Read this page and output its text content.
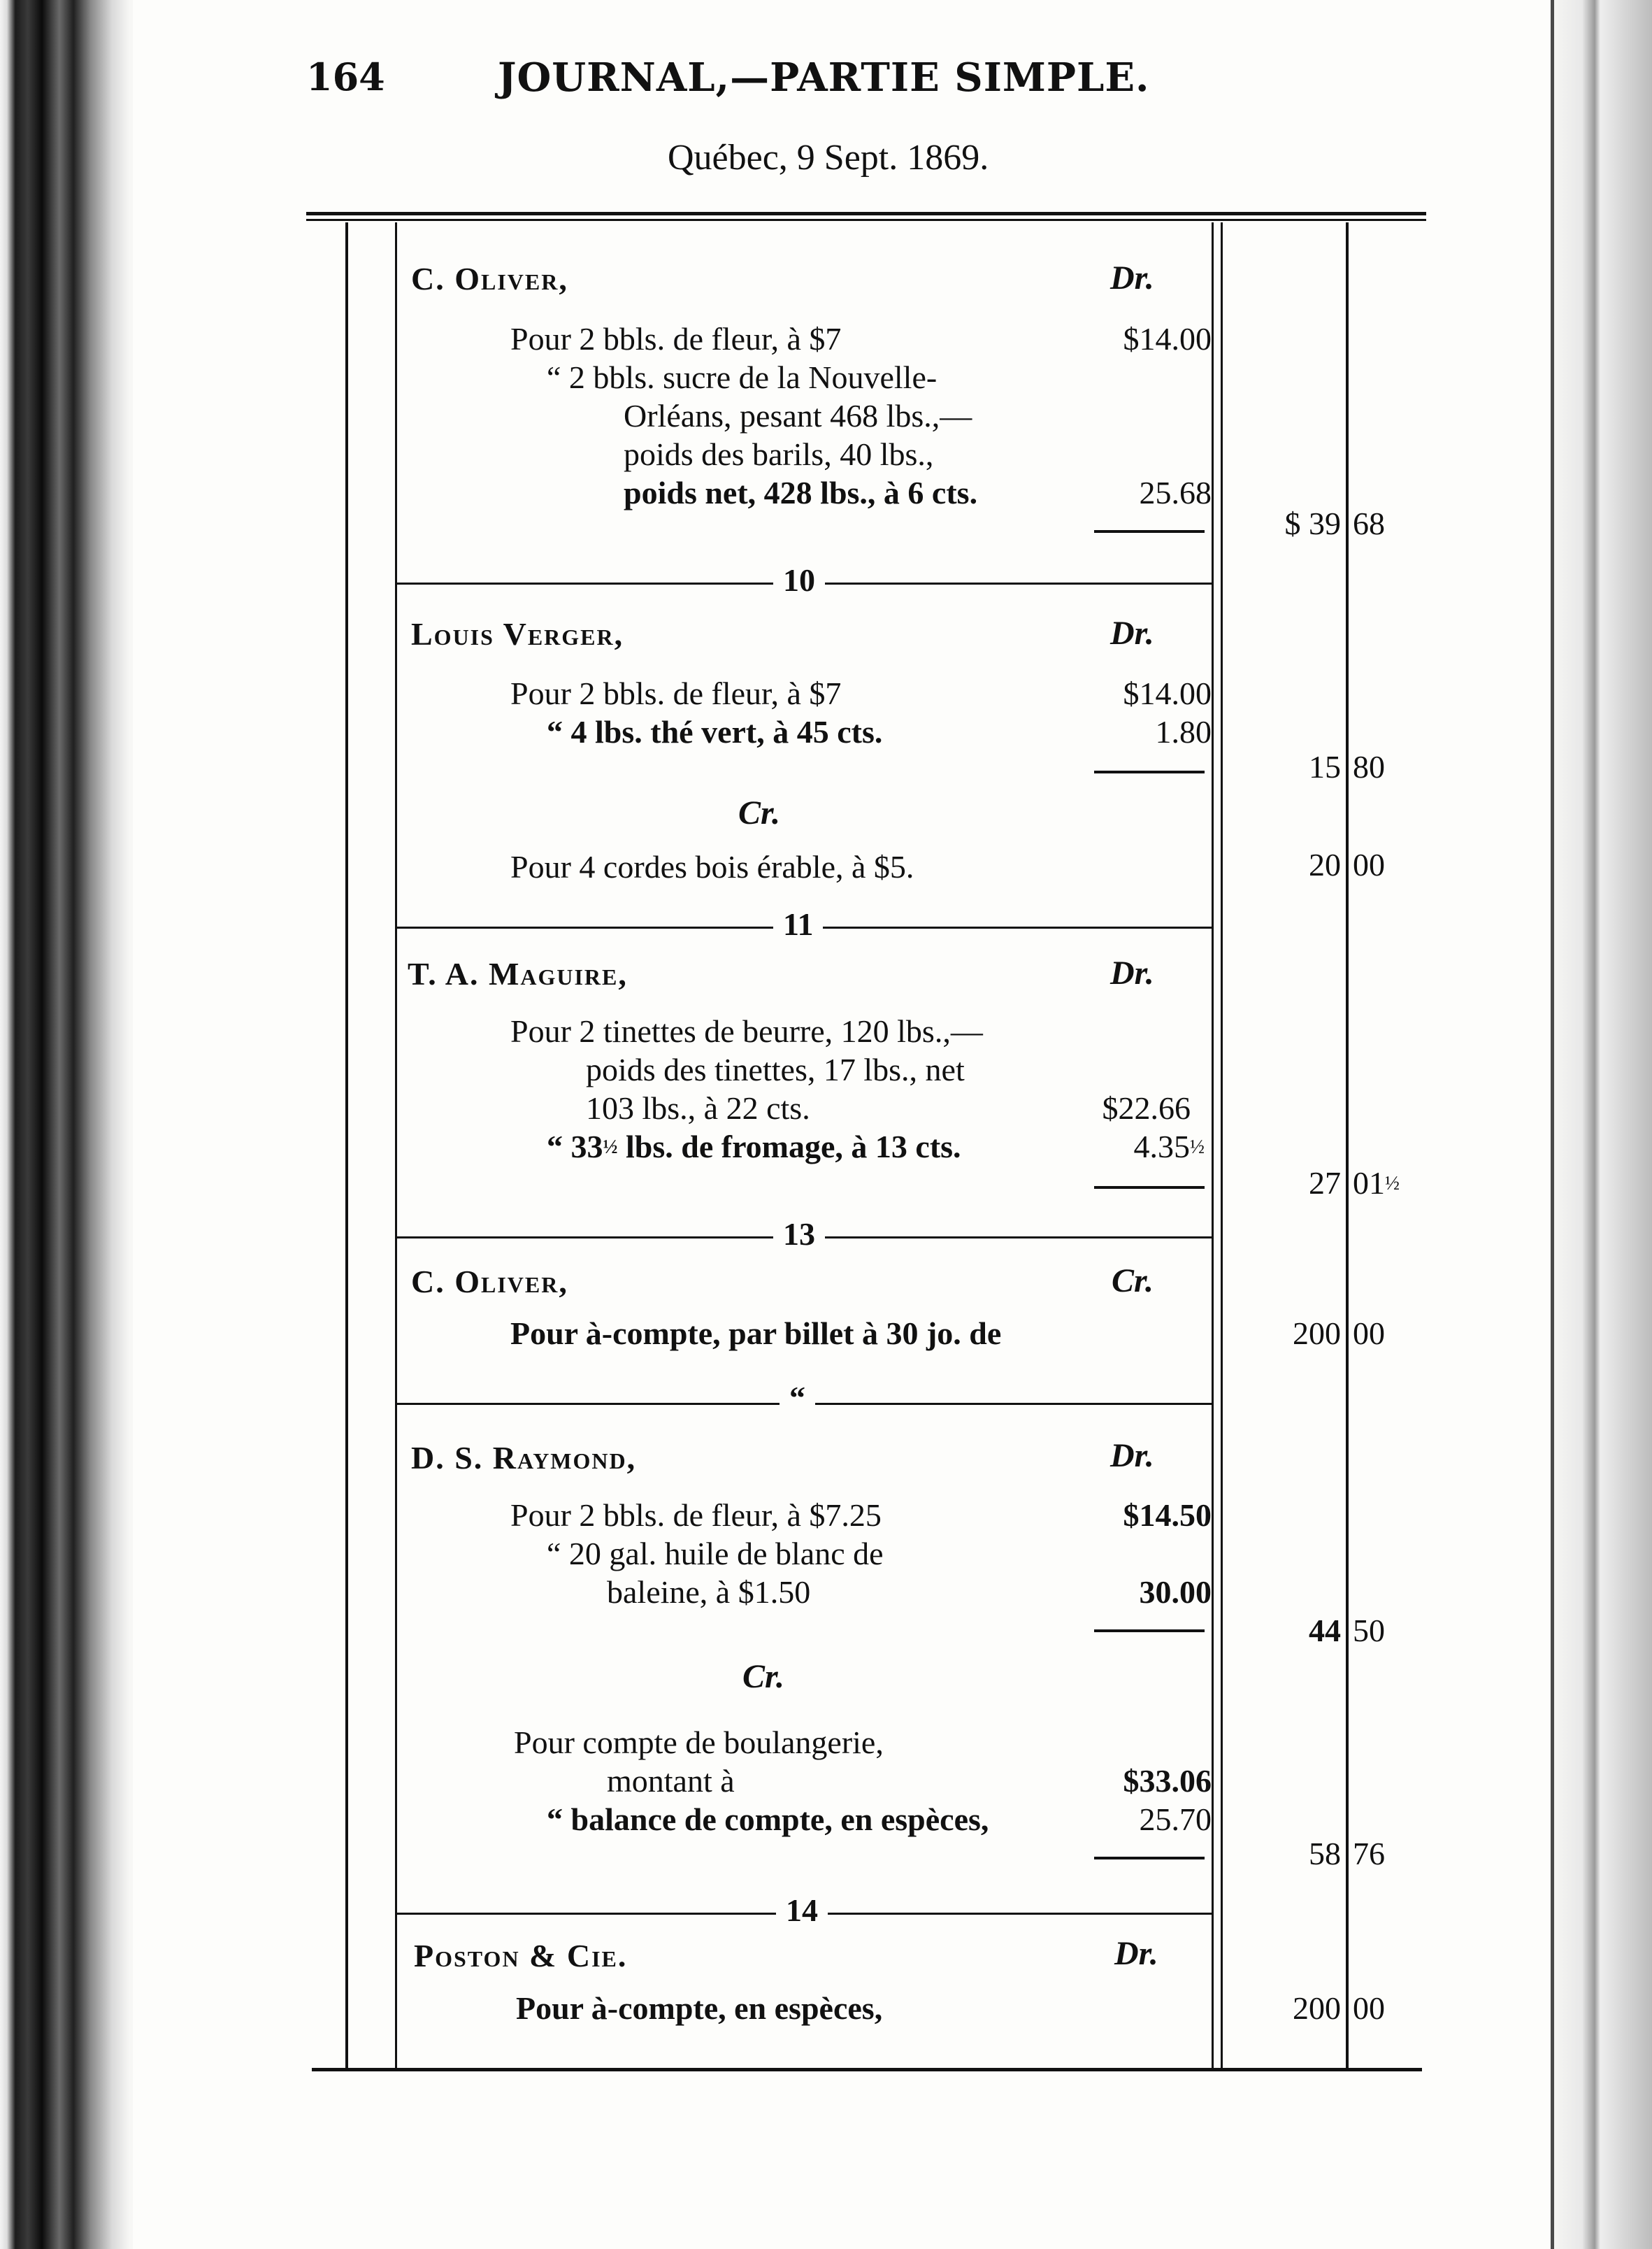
164	JOURNAL,—PARTIE SIMPLE.
Québec, 9 Sept. 1869.
C. Oliver,	Dr.
Pour 2 bbls. de fleur, à $7	$14.00
“ 2 bbls. sucre de la Nouvelle-
Orléans, pesant 468 lbs.,—
poids des barils, 40 lbs.,
poids net, 428 lbs., à 6 cts.	25.68
$ 39 68
10
Louis Verger,	Dr.
Pour 2 bbls. de fleur, à $7	$14.00
“ 4 lbs. thé vert, à 45 cts.	1.80
15 80
Cr.
Pour 4 cordes bois érable, à $5.	20 00
11
T. A. Maguire,	Dr.
Pour 2 tinettes de beurre, 120 lbs.,—
poids des tinettes, 17 lbs., net
103 lbs., à 22 cts.	$22.66
“ 33½ lbs. de fromage, à 13 cts.	4.35½
27 01½
13
C. Oliver,	Cr.
Pour à-compte, par billet à 30 jo. de	200 00
“
D. S. Raymond,	Dr.
Pour 2 bbls. de fleur, à $7.25	$14.50
“ 20 gal. huile de blanc de
baleine, à $1.50	30.00
44 50
Cr.
Pour compte de boulangerie,
montant à	$33.06
“ balance de compte, en espèces,	25.70
58 76
14
Poston & Cie.	Dr.
Pour à-compte, en espèces,	200 00
